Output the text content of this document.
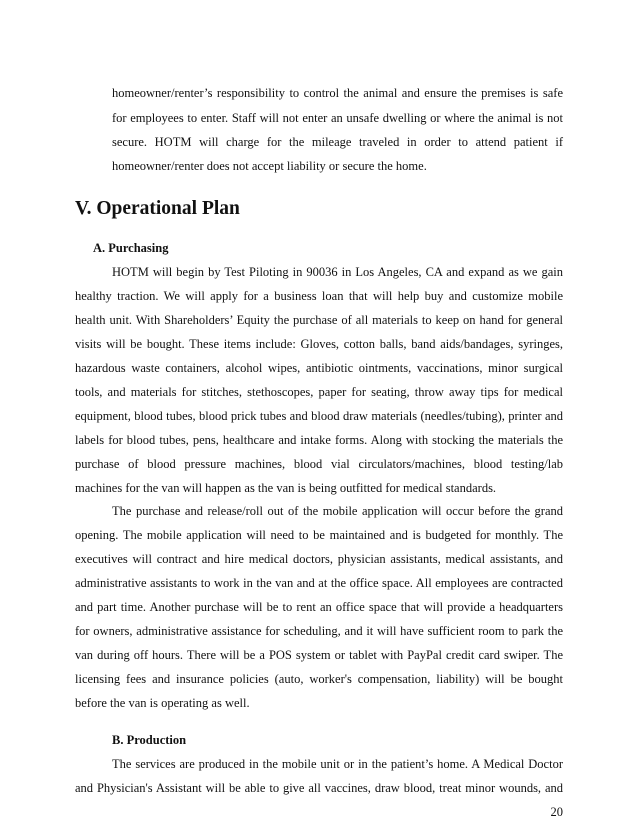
homeowner/renter’s responsibility to control the animal and ensure the premises is safe
for employees to enter. Staff will not enter an unsafe dwelling or where the animal is not
secure. HOTM will charge for the mileage traveled in order to attend patient if
homeowner/renter does not accept liability or secure the home.
V. Operational Plan
A. Purchasing
HOTM will begin by Test Piloting in 90036 in Los Angeles, CA and expand as we gain
healthy traction. We will apply for a business loan that will help buy and customize mobile
health unit. With Shareholders’ Equity the purchase of all materials to keep on hand for general
visits will be bought. These items include: Gloves, cotton balls, band aids/bandages, syringes,
hazardous waste containers, alcohol wipes, antibiotic ointments, vaccinations, minor surgical
tools, and materials for stitches, stethoscopes, paper for seating, throw away tips for medical
equipment, blood tubes, blood prick tubes and blood draw materials (needles/tubing), printer and
labels for blood tubes, pens, healthcare and intake forms. Along with stocking the materials the
purchase of blood pressure machines, blood vial circulators/machines, blood testing/lab
machines for the van will happen as the van is being outfitted for medical standards.
The purchase and release/roll out of the mobile application will occur before the grand
opening. The mobile application will need to be maintained and is budgeted for monthly. The
executives will contract and hire medical doctors, physician assistants, medical assistants, and
administrative assistants to work in the van and at the office space. All employees are contracted
and part time. Another purchase will be to rent an office space that will provide a headquarters
for owners, administrative assistance for scheduling, and it will have sufficient room to park the
van during off hours. There will be a POS system or tablet with PayPal credit card swiper. The
licensing fees and insurance policies (auto, worker's compensation, liability) will be bought
before the van is operating as well.
B. Production
The services are produced in the mobile unit or in the patient’s home. A Medical Doctor
and Physician's Assistant will be able to give all vaccines, draw blood, treat minor wounds, and
20
